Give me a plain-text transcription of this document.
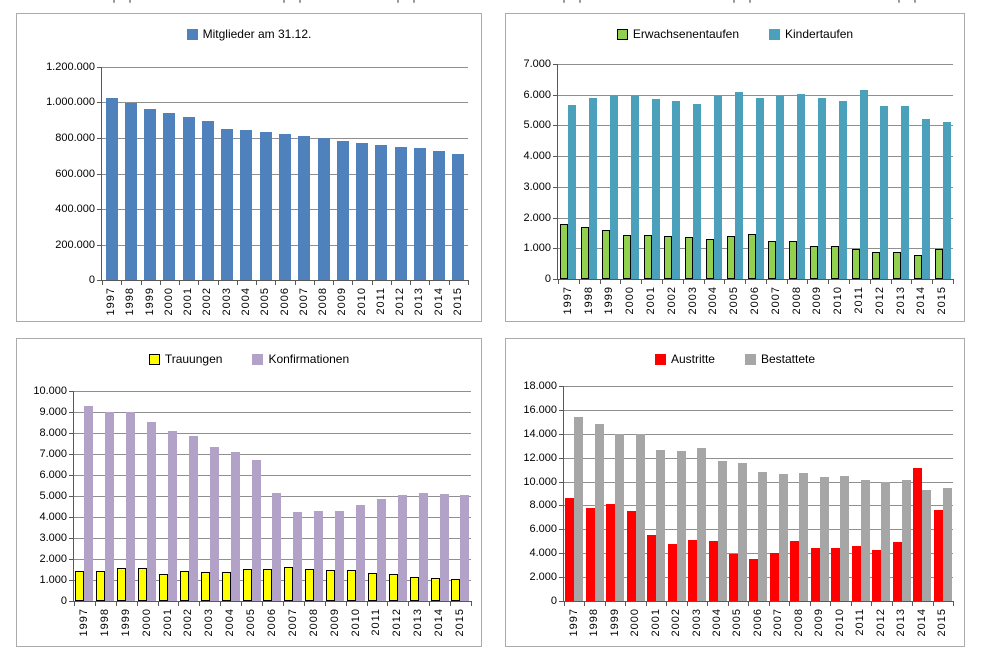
Mitglieder am 31.12.
1.200.000
1.000.000
800.000
600.000
400.000
200.000
0
1997 1998 1999 2000 2001 2002 2003 2004 2005 2006 2007 2008 2009 2010 2011 2012 2013 2014 2015
Erwachsenentaufen	Kindertaufen
7.000
6.000
5.000
4.000
3.000
2.000
1.000
0
1997 1998 1999 2000 2001 2002 2003 2004 2005 2006 2007 2008 2009 2010 2011 2012 2013 2014 2015
Trauungen	Konfirmationen
10.000
9.000
8.000
7.000
6.000
5.000
4.000
3.000
2.000
1.000
0
1997 1998 1999 2000 2001 2002 2003 2004 2005 2006 2007 2008 2009 2010 2011 2012 2013 2014 2015
Austritte	Bestattete
18.000
16.000
14.000
12.000
10.000
8.000
6.000
4.000
2.000
0
1997 1998 1999 2000 2001 2002 2003 2004 2005 2006 2007 2008 2009 2010 2011 2012 2013 2014 2015
